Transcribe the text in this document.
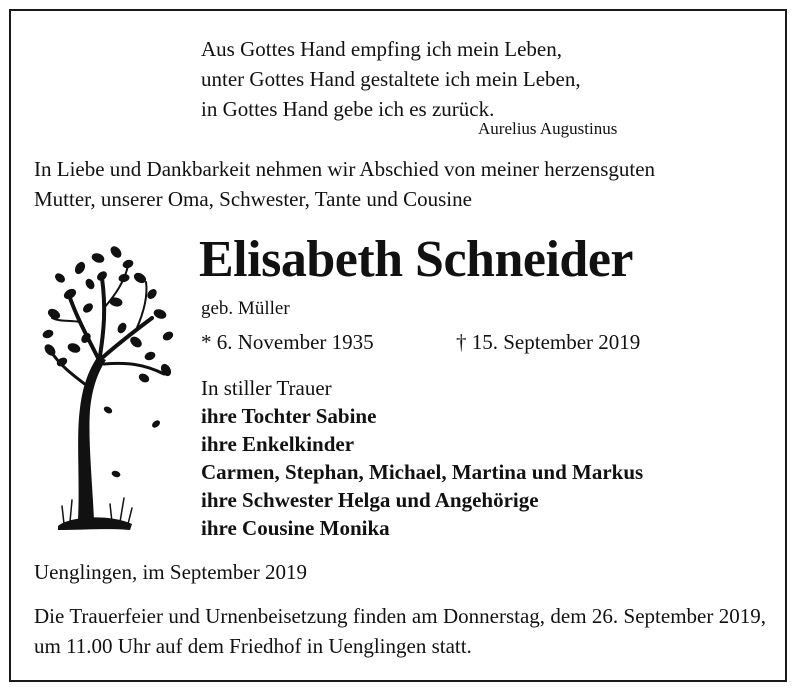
Aus Gottes Hand empfing ich mein Leben,
unter Gottes Hand gestaltete ich mein Leben,
in Gottes Hand gebe ich es zurück.
Aurelius Augustinus
In Liebe und Dankbarkeit nehmen wir Abschied von meiner herzensguten
Mutter, unserer Oma, Schwester, Tante und Cousine
Elisabeth Schneider
geb. Müller
* 6. November 1935	† 15. September 2019
In stiller Trauer
ihre Tochter Sabine
ihre Enkelkinder
Carmen, Stephan, Michael, Martina und Markus
ihre Schwester Helga und Angehörige
ihre Cousine Monika
Uenglingen, im September 2019
Die Trauerfeier und Urnenbeisetzung finden am Donnerstag, dem 26. September 2019, um 11.00 Uhr auf dem Friedhof in Uenglingen statt.
